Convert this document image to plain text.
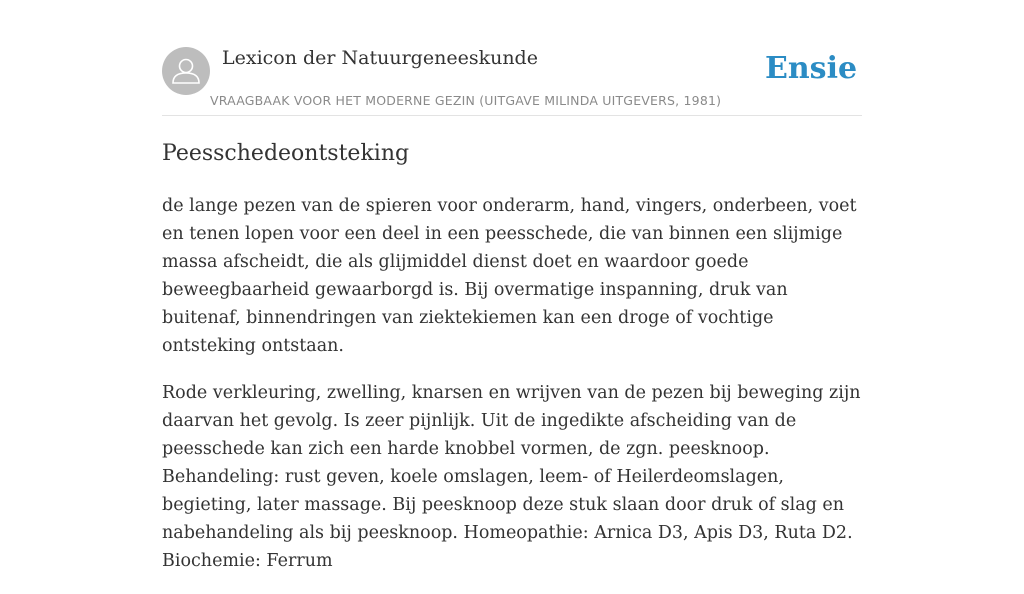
Lexicon der Natuurgeneeskunde
VRAAGBAAK VOOR HET MODERNE GEZIN (UITGAVE MILINDA UITGEVERS, 1981)
Ensie
Peesschedeontsteking

de lange pezen van de spieren voor onderarm, hand, vingers, onderbeen, voet en tenen lopen voor een deel in een peesschede, die van binnen een slijmige massa afscheidt, die als glijmiddel dienst doet en waardoor goede beweegbaarheid gewaarborgd is. Bij overmatige inspanning, druk van buitenaf, binnendringen van ziektekiemen kan een droge of vochtige ontsteking ontstaan.

Rode verkleuring, zwelling, knarsen en wrijven van de pezen bij beweging zijn daarvan het gevolg. Is zeer pijnlijk. Uit de ingedikte afscheiding van de peesschede kan zich een harde knobbel vormen, de zgn. peesknoop. Behandeling: rust geven, koele omslagen, leem- of Heilerdeomslagen, begieting, later massage. Bij peesknoop deze stuk slaan door druk of slag en nabehandeling als bij peesknoop. Homeopathie: Arnica D3, Apis D3, Ruta D2. Biochemie: Ferrum
